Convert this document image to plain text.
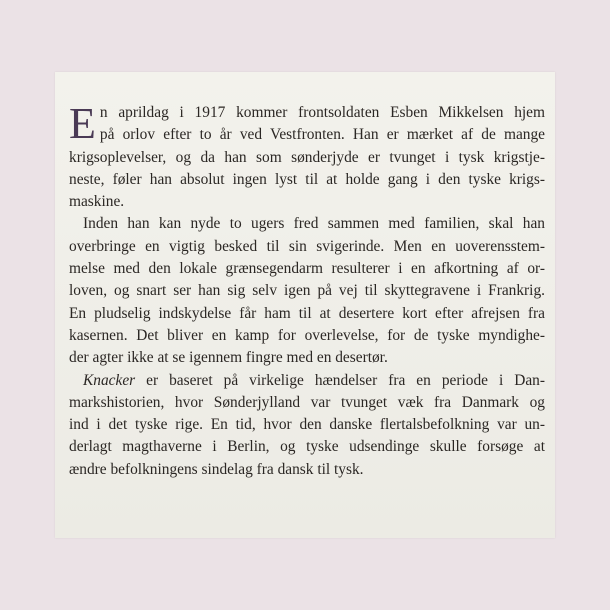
E n aprildag i 1917 kommer frontsoldaten Esben Mikkelsen hjem
på orlov efter to år ved Vestfronten. Han er mærket af de mange
krigsoplevelser, og da han som sønderjyde er tvunget i tysk krigstje-
neste, føler han absolut ingen lyst til at holde gang i den tyske krigs-
maskine.

Inden han kan nyde to ugers fred sammen med familien, skal han
overbringe en vigtig besked til sin svigerinde. Men en uoverensstem-
melse med den lokale grænsegendarm resulterer i en afkortning af or-
loven, og snart ser han sig selv igen på vej til skyttegravene i Frankrig.
En pludselig indskydelse får ham til at desertere kort efter afrejsen fra
kasernen. Det bliver en kamp for overlevelse, for de tyske myndighe-
der agter ikke at se igennem fingre med en desertør.

Knacker er baseret på virkelige hændelser fra en periode i Dan-
markshistorien, hvor Sønderjylland var tvunget væk fra Danmark og
ind i det tyske rige. En tid, hvor den danske flertalsbefolkning var un-
derlagt magthaverne i Berlin, og tyske udsendinge skulle forsøge at
ændre befolkningens sindelag fra dansk til tysk.
